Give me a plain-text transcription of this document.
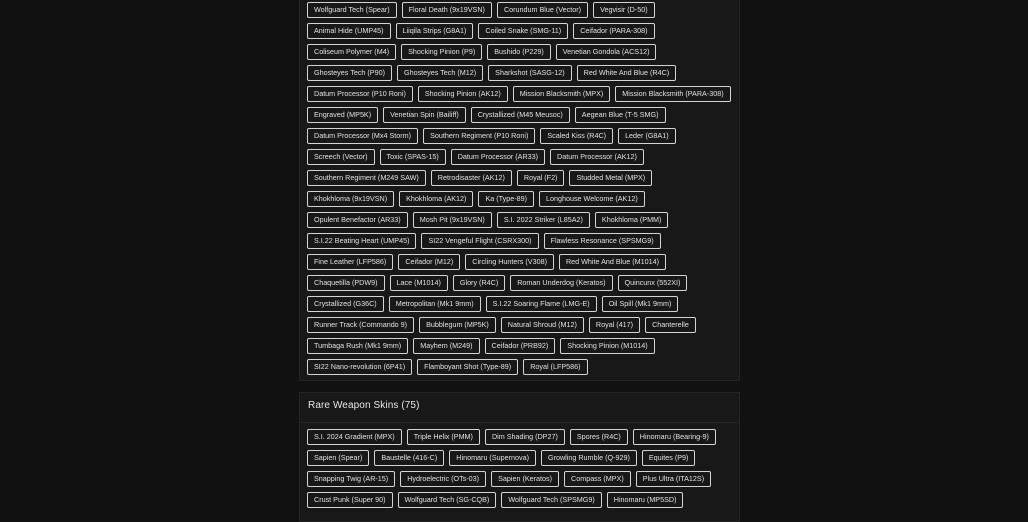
Wolfguard Tech (Spear)	Floral Death (9x19VSN)	Corundum Blue (Vector)	Vegvisir (D-50)
Animal Hide (UMP45)	Liiqila Strips (G8A1)	Coiled Snake (SMG-11)	Ceifador (PARA-308)
Coliseum Polymer (M4)	Shocking Pinion (P9)	Bushido (P229)	Venetian Gondola (ACS12)
Ghosteyes Tech (P90)	Ghosteyes Tech (M12)	Sharkshot (SASG-12)	Red White And Blue (R4C)
Datum Processor (P10 Roni)	Shocking Pinion (AK12)	Mission Blacksmith (MPX)	Mission Blacksmith (PARA-308)
Engraved (MP5K)	Venetian Spin (Bailiff)	Crystallized (M45 Meusoc)	Aegean Blue (T-5 SMG)
Datum Processor (Mx4 Storm)	Southern Regiment (P10 Roni)	Scaled Kiss (R4C)	Leder (G8A1)
Screech (Vector)	Toxic (SPAS-15)	Datum Processor (AR33)	Datum Processor (AK12)
Southern Regiment (M249 SAW)	Retrodisaster (AK12)	Royal (F2)	Studded Metal (MPX)
Khokhloma (9x19VSN)	Khokhloma (AK12)	Ka (Type-89)	Longhouse Welcome (AK12)
Opulent Benefactor (AR33)	Mosh Pit (9x19VSN)	S.I. 2022 Striker (L85A2)	Khokhloma (PMM)
S.I.22 Beating Heart (UMP45)	SI22 Vengeful Flight (CSRX300)	Flawless Resonance (SPSMG9)
Fine Leather (LFP586)	Ceifador (M12)	Circling Hunters (V308)	Red White And Blue (M1014)
Chaquetilla (PDW9)	Lace (M1014)	Glory (R4C)	Roman Underdog (Keratos)	Quincunx (552XI)
Crystallized (G36C)	Metropolitan (Mk1 9mm)	S.I.22 Soaring Flame (LMG-E)	Oil Spill (Mk1 9mm)
Runner Track (Commando 9)	Bubblegum (MP5K)	Natural Shroud (M12)	Royal (417)	Chanterelle
Tumbaga Rush (Mk1 9mm)	Mayhem (M249)	Ceifador (PRB92)	Shocking Pinion (M1014)
SI22 Nano-revolution (6P41)	Flamboyant Shot (Type-89)	Royal (LFP586)
Rare Weapon Skins (75)
S.I. 2024 Gradient (MPX)	Triple Helix (PMM)	Dim Shading (DP27)	Spores (R4C)	Hinomaru (Bearing-9)
Sapien (Spear)	Baustelle (416-C)	Hinomaru (Supernova)	Growling Rumble (Q-929)	Equites (P9)
Snapping Twig (AR-15)	Hydroelectric (OTs-03)	Sapien (Keratos)	Compass (MPX)	Plus Ultra (ITA12S)
Crust Punk (Super 90)	Wolfguard Tech (SG-CQB)	Wolfguard Tech (SPSMG9)	Hinomaru (MP5SD)
